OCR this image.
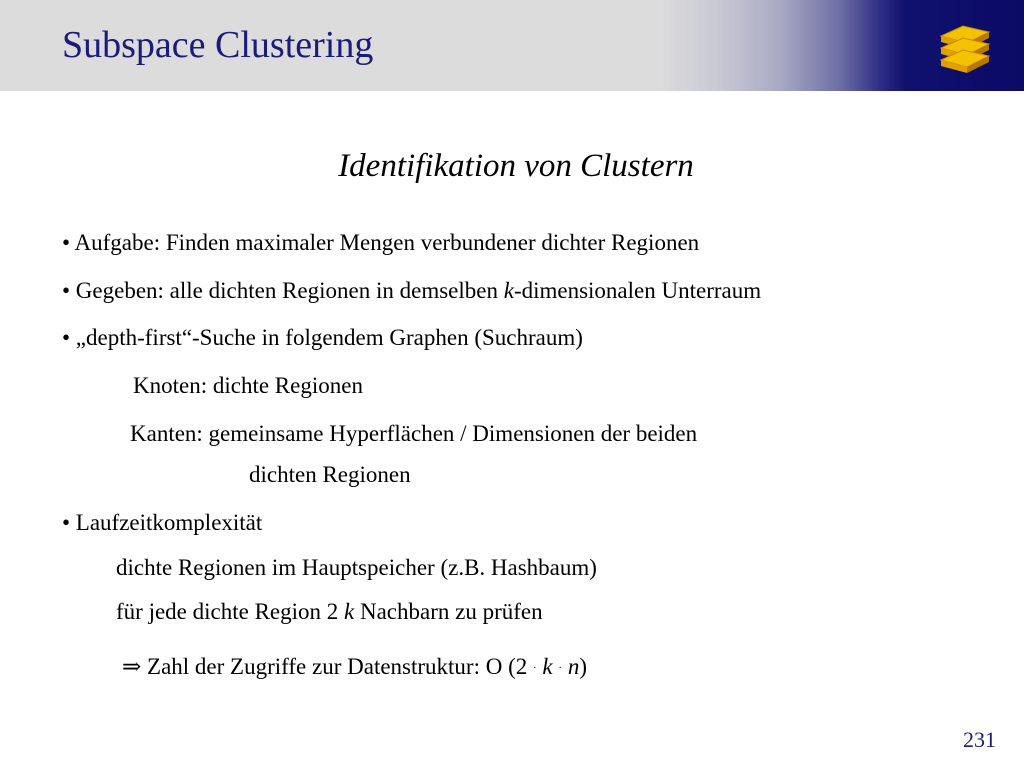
Subspace Clustering
Identifikation von Clustern
• Aufgabe: Finden maximaler Mengen verbundener dichter Regionen
• Gegeben: alle dichten Regionen in demselben k-dimensionalen Unterraum
• „depth-first“-Suche in folgendem Graphen (Suchraum)
Knoten: dichte Regionen
Kanten: gemeinsame Hyperflächen / Dimensionen der beiden
dichten Regionen
• Laufzeitkomplexität
dichte Regionen im Hauptspeicher (z.B. Hashbaum)
für jede dichte Region 2 k Nachbarn zu prüfen
⇒ Zahl der Zugriffe zur Datenstruktur: O (2 · k · n)
231
